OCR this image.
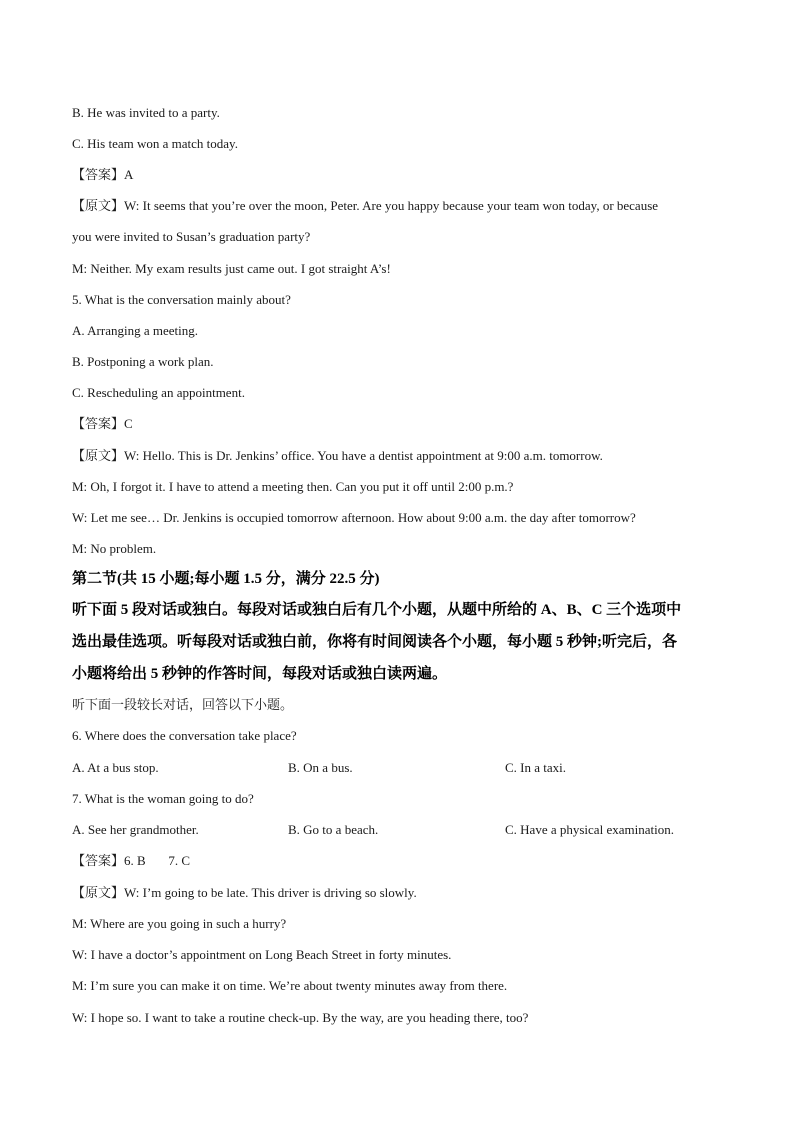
B. He was invited to a party.
C. His team won a match today.
【答案】A
【原文】W: It seems that you’re over the moon, Peter. Are you happy because your team won today, or because
you were invited to Susan’s graduation party?
M: Neither. My exam results just came out. I got straight A’s!
5. What is the conversation mainly about?
A. Arranging a meeting.
B. Postponing a work plan.
C. Rescheduling an appointment.
【答案】C
【原文】W: Hello. This is Dr. Jenkins’ office. You have a dentist appointment at 9:00 a.m. tomorrow.
M: Oh, I forgot it. I have to attend a meeting then. Can you put it off until 2:00 p.m.?
W: Let me see… Dr. Jenkins is occupied tomorrow afternoon. How about 9:00 a.m. the day after tomorrow?
M: No problem.
第二节(共 15 小题;每小题 1.5 分，满分 22.5 分)
听下面 5 段对话或独白。每段对话或独白后有几个小题，从题中所给的 A、B、C 三个选项中
选出最佳选项。听每段对话或独白前，你将有时间阅读各个小题，每小题 5 秒钟;听完后，各
小题将给出 5 秒钟的作答时间，每段对话或独白读两遍。
听下面一段较长对话，回答以下小题。
6. Where does the conversation take place?
A. At a bus stop.	B. On a bus.	C. In a taxi.
7. What is the woman going to do?
A. See her grandmother.	B. Go to a beach.	C. Have a physical examination.
【答案】6. B       7. C
【原文】W: I’m going to be late. This driver is driving so slowly.
M: Where are you going in such a hurry?
W: I have a doctor’s appointment on Long Beach Street in forty minutes.
M: I’m sure you can make it on time. We’re about twenty minutes away from there.
W: I hope so. I want to take a routine check-up. By the way, are you heading there, too?
